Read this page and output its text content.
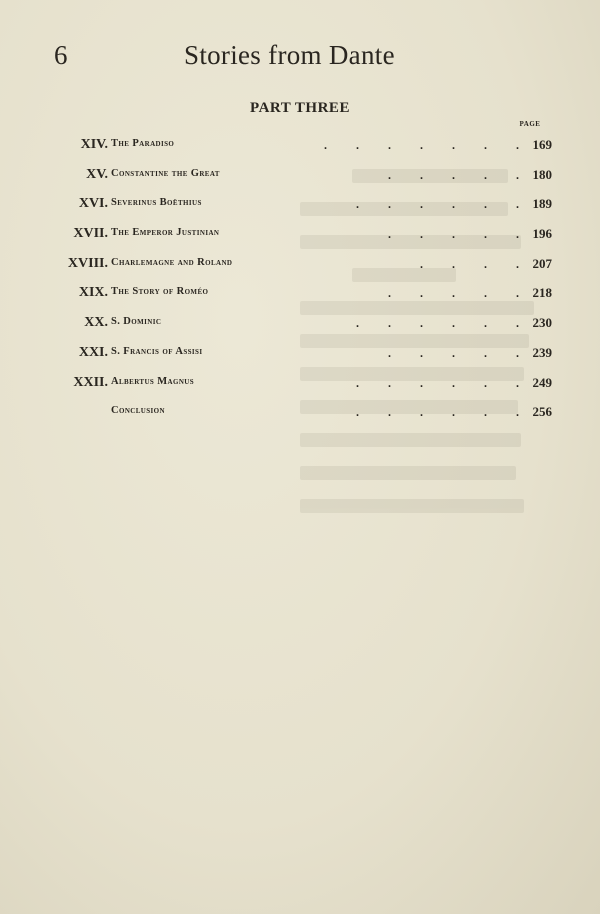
6	Stories from Dante
PART THREE
PAGE
XIV. The Paradiso	.       .       .       .       .       .       . 169
XV. Constantine the Great	.       .       .       .       . 180
XVI. Severinus Boëthius	.       .       .       .       .       . 189
XVII. The Emperor Justinian	.       .       .       .       . 196
XVIII. Charlemagne and Roland	.       .       .       . 207
XIX. The Story of Roméo	.       .       .       .       . 218
XX. S. Dominic	.       .       .       .       .       . 230
XXI. S. Francis of Assisi	.       .       .       .       . 239
XXII. Albertus Magnus	.       .       .       .       .       . 249
Conclusion	.       .       .       .       .       . 256
